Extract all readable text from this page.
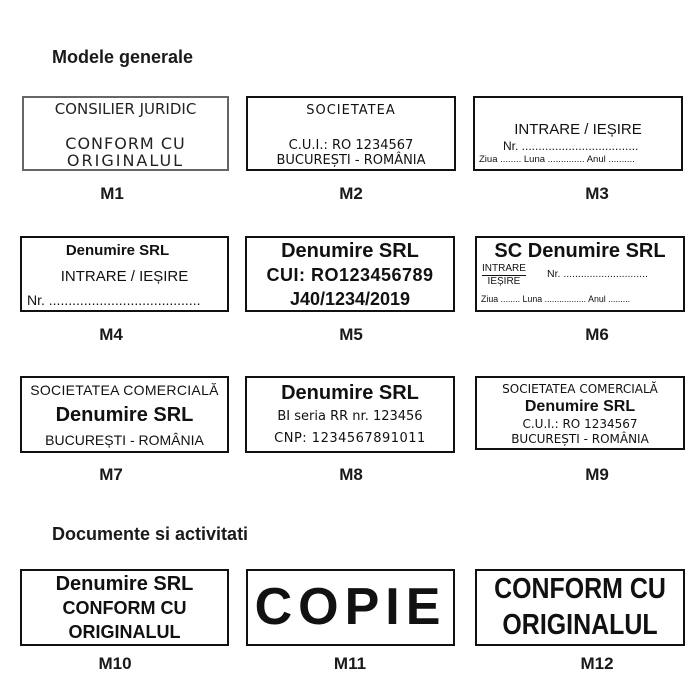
Modele generale
Documente si activitati
CONSILIER JURIDIC
CONFORM CU
ORIGINALUL
M1
SOCIETATEA
C.U.I.: RO 1234567
BUCUREȘTI - ROMÂNIA
M2
INTRARE / IEȘIRE
Nr. ...................................
Ziua ........ Luna .............. Anul ..........
M3
Denumire SRL
INTRARE / IEȘIRE
Nr. .......................................
M4
Denumire SRL
CUI: RO123456789
J40/1234/2019
M5
SC Denumire SRL
INTRARE
IEȘIRE
Nr. .............................
Ziua ........ Luna ................. Anul .........
M6
SOCIETATEA COMERCIALĂ
Denumire SRL
BUCUREȘTI - ROMÂNIA
M7
Denumire SRL
BI seria RR nr. 123456
CNP: 1234567891011
M8
SOCIETATEA COMERCIALĂ
Denumire SRL
C.U.I.: RO 1234567
BUCUREȘTI - ROMÂNIA
M9
Denumire SRL
CONFORM CU
ORIGINALUL
M10
COPIE
M11
CONFORM CU
ORIGINALUL
M12
